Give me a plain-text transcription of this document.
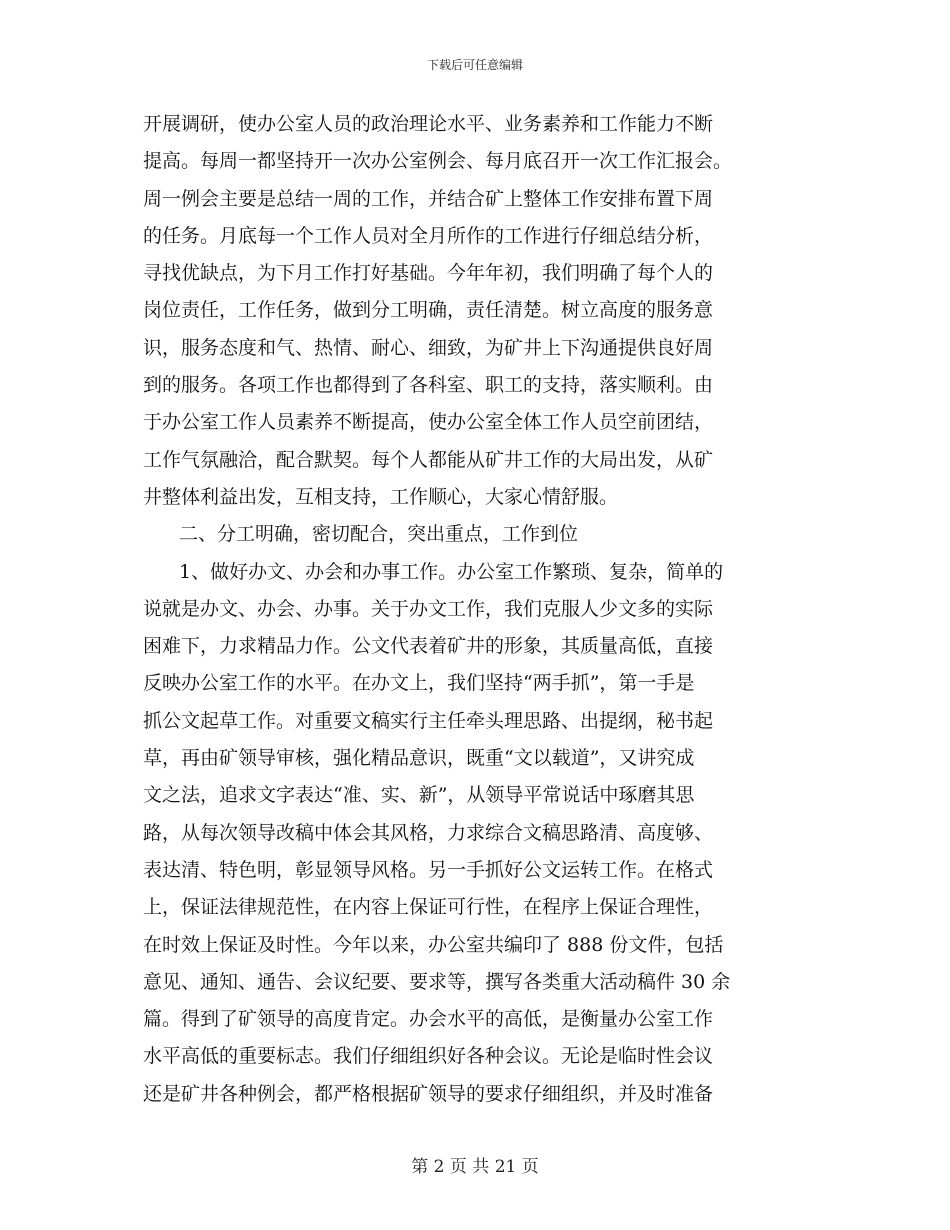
下载后可任意编辑
开展调研，使办公室人员的政治理论水平、业务素养和工作能力不断
提高。每周一都坚持开一次办公室例会、每月底召开一次工作汇报会。
周一例会主要是总结一周的工作，并结合矿上整体工作安排布置下周
的任务。月底每一个工作人员对全月所作的工作进行仔细总结分析，
寻找优缺点，为下月工作打好基础。今年年初，我们明确了每个人的
岗位责任，工作任务，做到分工明确，责任清楚。树立高度的服务意
识，服务态度和气、热情、耐心、细致，为矿井上下沟通提供良好周
到的服务。各项工作也都得到了各科室、职工的支持，落实顺利。由
于办公室工作人员素养不断提高，使办公室全体工作人员空前团结，
工作气氛融洽，配合默契。每个人都能从矿井工作的大局出发，从矿
井整体利益出发，互相支持，工作顺心，大家心情舒服。
二、分工明确，密切配合，突出重点，工作到位
1、做好办文、办会和办事工作。办公室工作繁琐、复杂，简单的
说就是办文、办会、办事。关于办文工作，我们克服人少文多的实际
困难下，力求精品力作。公文代表着矿井的形象，其质量高低，直接
反映办公室工作的水平。在办文上，我们坚持“两手抓”，第一手是
抓公文起草工作。对重要文稿实行主任牵头理思路、出提纲，秘书起
草，再由矿领导审核，强化精品意识，既重“文以载道”，又讲究成
文之法，追求文字表达“准、实、新”，从领导平常说话中琢磨其思
路，从每次领导改稿中体会其风格，力求综合文稿思路清、高度够、
表达清、特色明，彰显领导风格。另一手抓好公文运转工作。在格式
上，保证法律规范性，在内容上保证可行性，在程序上保证合理性，
在时效上保证及时性。今年以来，办公室共编印了 888 份文件，包括
意见、通知、通告、会议纪要、要求等，撰写各类重大活动稿件 30 余
篇。得到了矿领导的高度肯定。办会水平的高低，是衡量办公室工作
水平高低的重要标志。我们仔细组织好各种会议。无论是临时性会议
还是矿井各种例会，都严格根据矿领导的要求仔细组织，并及时准备
第 2 页 共 21 页
